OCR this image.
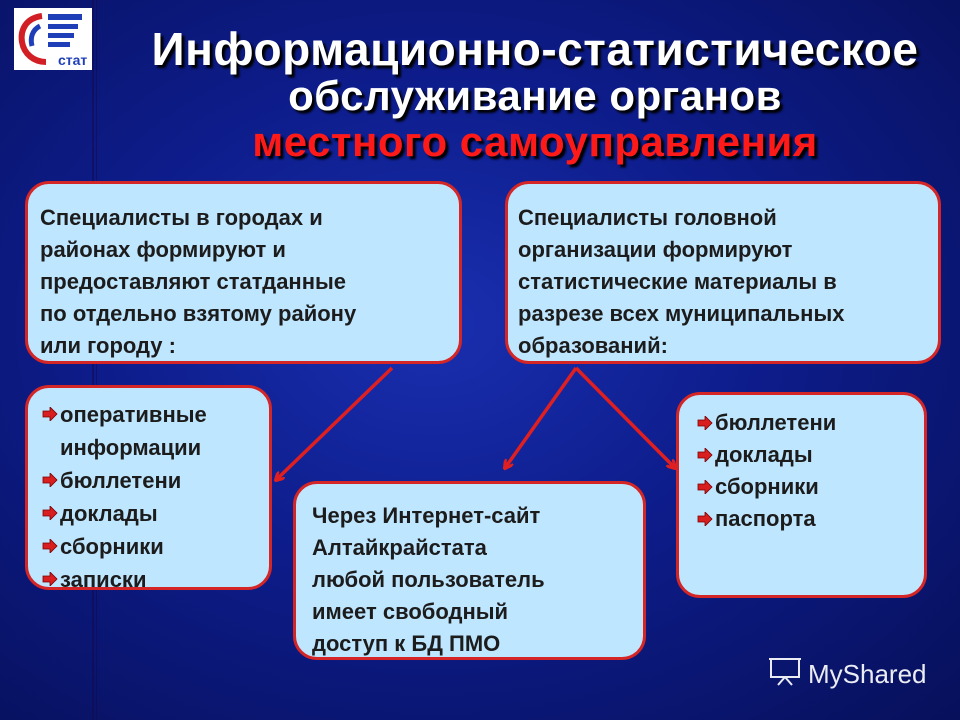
стат	Информационно-статистическое
обслуживание органов
местного самоуправления

Специалисты в городах и
районах формируют и
предоставляют статданные
по отдельно взятому району
или городу :

Специалисты головной
организации формируют
статистические материалы в
разрезе всех муниципальных
образований:

оперативные информации
бюллетени
доклады
сборники
записки

Через Интернет-сайт
Алтайкрайстата
любой пользователь
имеет свободный
доступ к БД ПМО

бюллетени
доклады
сборники
паспорта
MyShared
